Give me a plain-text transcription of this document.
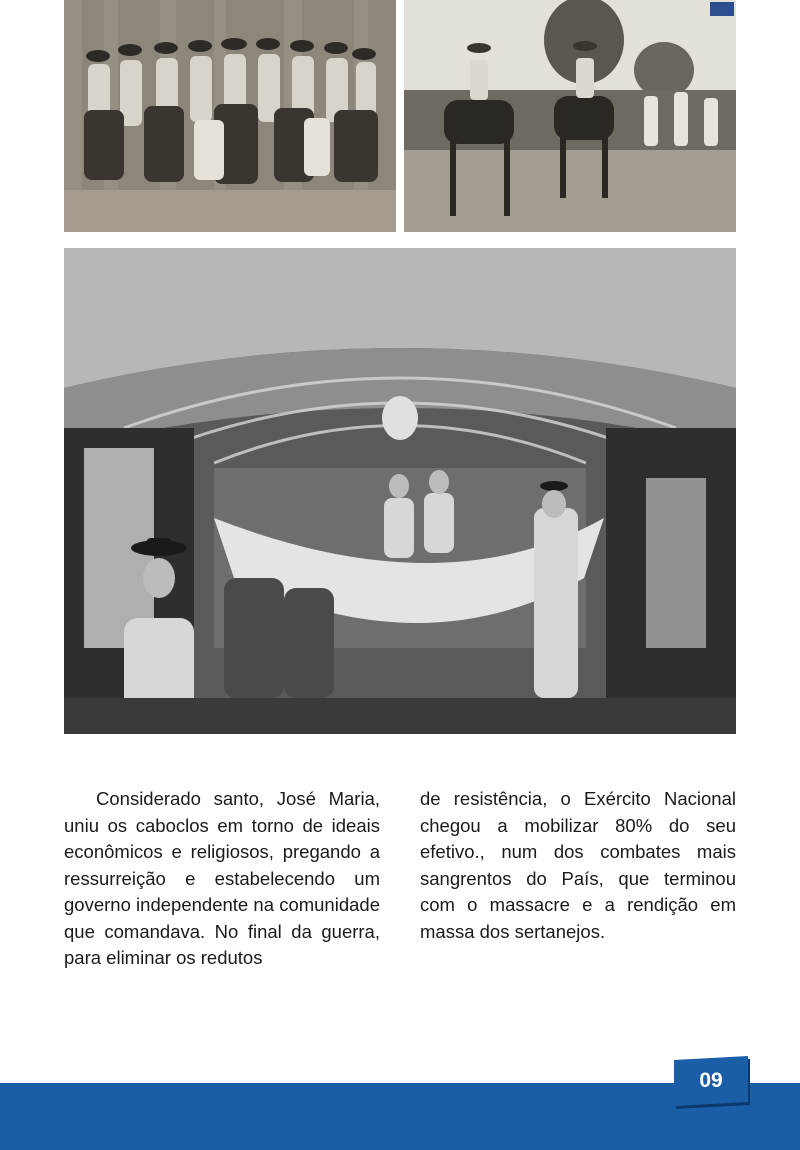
Considerado santo, José Maria, uniu os caboclos em torno de ideais econômicos e religiosos, pregando a ressurreição e estabelecendo um governo independente na comunidade que comandava. No final da guerra, para eliminar os redutos

de resistência, o Exército Nacional chegou a mobilizar 80% do seu efetivo., num dos combates mais sangrentos do País, que terminou com o massacre e a rendição em massa dos sertanejos.

09
